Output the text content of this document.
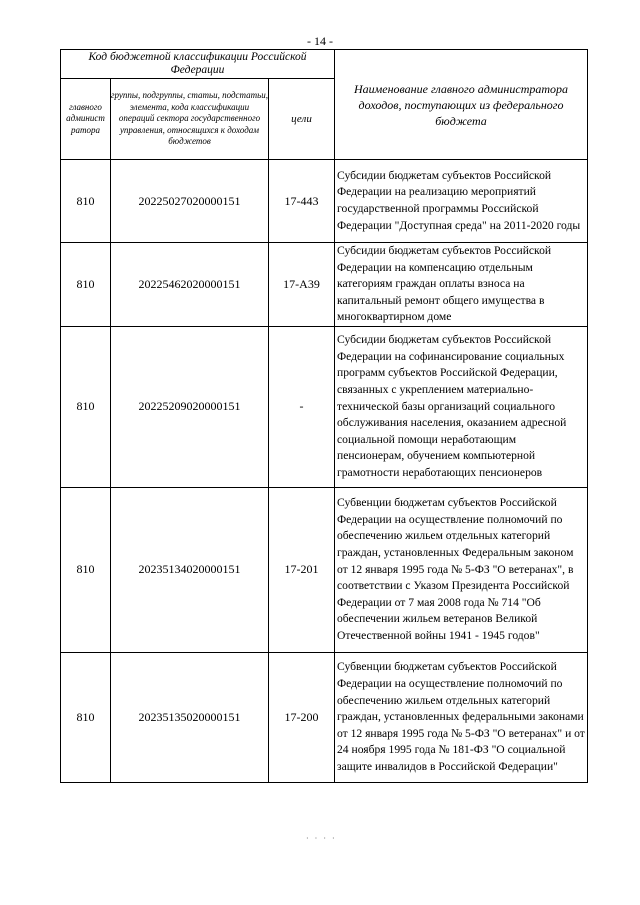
- 14 -
Код бюджетной классификации Российской Федерации			Наименование главного администратора доходов, поступающих из федерального бюджета
главного админист ратора	группы, подгруппы, статьи, подстатьи, элемента, кода классификации операций сектора государственного управления, относящихся к доходам бюджетов	цели	
810	20225027020000151	17-443	Субсидии бюджетам субъектов Российской Федерации на реализацию мероприятий государственной программы Российской Федерации "Доступная среда" на 2011-2020 годы
810	20225462020000151	17-А39	Субсидии бюджетам субъектов Российской Федерации на компенсацию отдельным категориям граждан оплаты взноса на капитальный ремонт общего имущества в многоквартирном доме
810	20225209020000151	-	Субсидии бюджетам субъектов Российской Федерации на софинансирование социальных программ субъектов Российской Федерации, связанных с укреплением материально-технической базы организаций социального обслуживания населения, оказанием адресной социальной помощи неработающим пенсионерам, обучением компьютерной грамотности неработающих пенсионеров
810	20235134020000151	17-201	Субвенции бюджетам субъектов Российской Федерации на осуществление полномочий по обеспечению жильем отдельных категорий граждан, установленных Федеральным законом от 12 января 1995 года № 5-ФЗ "О ветеранах", в соответствии с Указом Президента Российской Федерации от 7 мая 2008 года № 714 "Об обеспечении жильем ветеранов Великой Отечественной войны 1941 - 1945 годов"
810	20235135020000151	17-200	Субвенции бюджетам субъектов Российской Федерации на осуществление полномочий по обеспечению жильем отдельных категорий граждан, установленных федеральными законами от 12 января 1995 года № 5-ФЗ "О ветеранах" и от 24 ноября 1995 года № 181-ФЗ "О социальной защите инвалидов в Российской Федерации"
· · · ·
